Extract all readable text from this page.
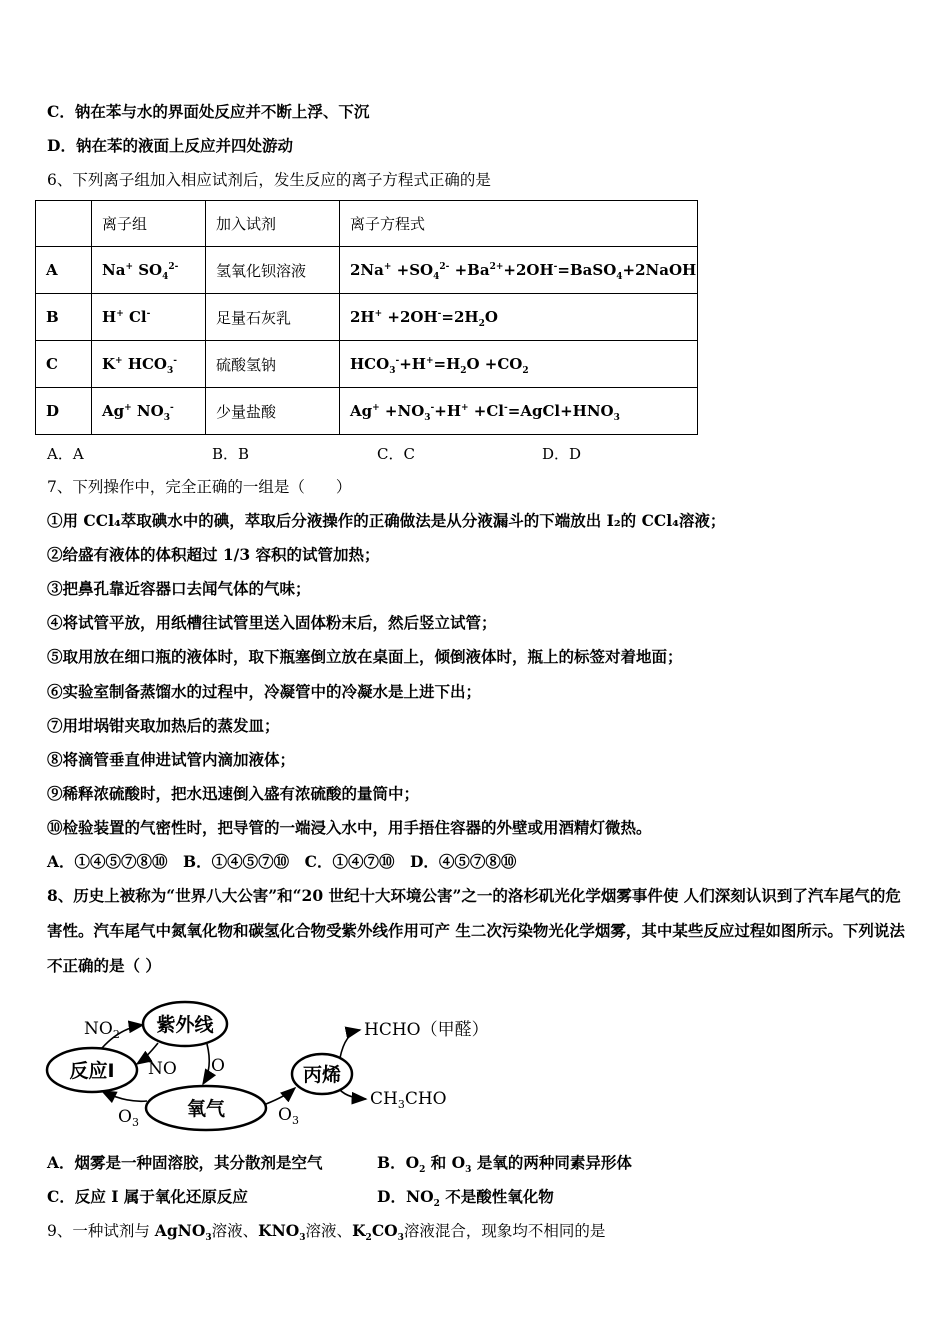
C．钠在苯与水的界面处反应并不断上浮、下沉
D．钠在苯的液面上反应并四处游动
6、下列离子组加入相应试剂后，发生反应的离子方程式正确的是
	离子组	加入试剂	离子方程式
A	Na+ $SO_4^{2-}$	氢氧化钡溶液	$2Na^+ +SO_4^{2-}$ $+Ba^{2+}+2OH^-=BaSO_4+2NaOH$
B	H+ Cl-	足量石灰乳	$2H^+ +2OH^-=2H_2O$
C	K+ $HCO_3^-$	硫酸氢钠	$HCO_3^-+H^+=H_2O +CO_2$
D	Ag+ $NO_3^-$	少量盐酸	$Ag^+ +NO_3^-+H^+$ $+Cl^-=AgCl+HNO_3$
A．A	B．B	C．C	D．D
7、下列操作中，完全正确的一组是（　　）
①用 CCl₄萃取碘水中的碘，萃取后分液操作的正确做法是从分液漏斗的下端放出 I₂的 CCl₄溶液；
②给盛有液体的体积超过 1/3 容积的试管加热；
③把鼻孔靠近容器口去闻气体的气味；
④将试管平放，用纸槽往试管里送入固体粉末后，然后竖立试管；
⑤取用放在细口瓶的液体时，取下瓶塞倒立放在桌面上，倾倒液体时，瓶上的标签对着地面；
⑥实验室制备蒸馏水的过程中，冷凝管中的冷凝水是上进下出；
⑦用坩埚钳夹取加热后的蒸发皿；
⑧将滴管垂直伸进试管内滴加液体；
⑨稀释浓硫酸时，把水迅速倒入盛有浓硫酸的量筒中；
⑩检验装置的气密性时，把导管的一端浸入水中，用手捂住容器的外壁或用酒精灯微热。
A．①④⑤⑦⑧⑩　B．①④⑤⑦⑩　C．①④⑦⑩　D．④⑤⑦⑧⑩
8、历史上被称为“世界八大公害”和“20 世纪十大环境公害”之一的洛杉矶光化学烟雾事件使 人们深刻认识到了汽车尾气的危害性。汽车尾气中氮氧化物和碳氢化合物受紫外线作用可产 生二次污染物光化学烟雾，其中某些反应过程如图所示。下列说法不正确的是（ ）
紫外线
反应I
氧气
丙烯
$NO_2$
NO O
$O_3$	$O_3$
HCHO（甲醛）
$CH_3CHO$
A．烟雾是一种固溶胶，其分散剂是空气	B．$O_2$ 和 $O_3$ 是氧的两种同素异形体
C．反应 I 属于氧化还原反应	D．$NO_2$ 不是酸性氧化物
9、一种试剂与 AgNO$_3$溶液、$KNO_3$溶液、$K_2CO_3$溶液混合，现象均不相同的是
